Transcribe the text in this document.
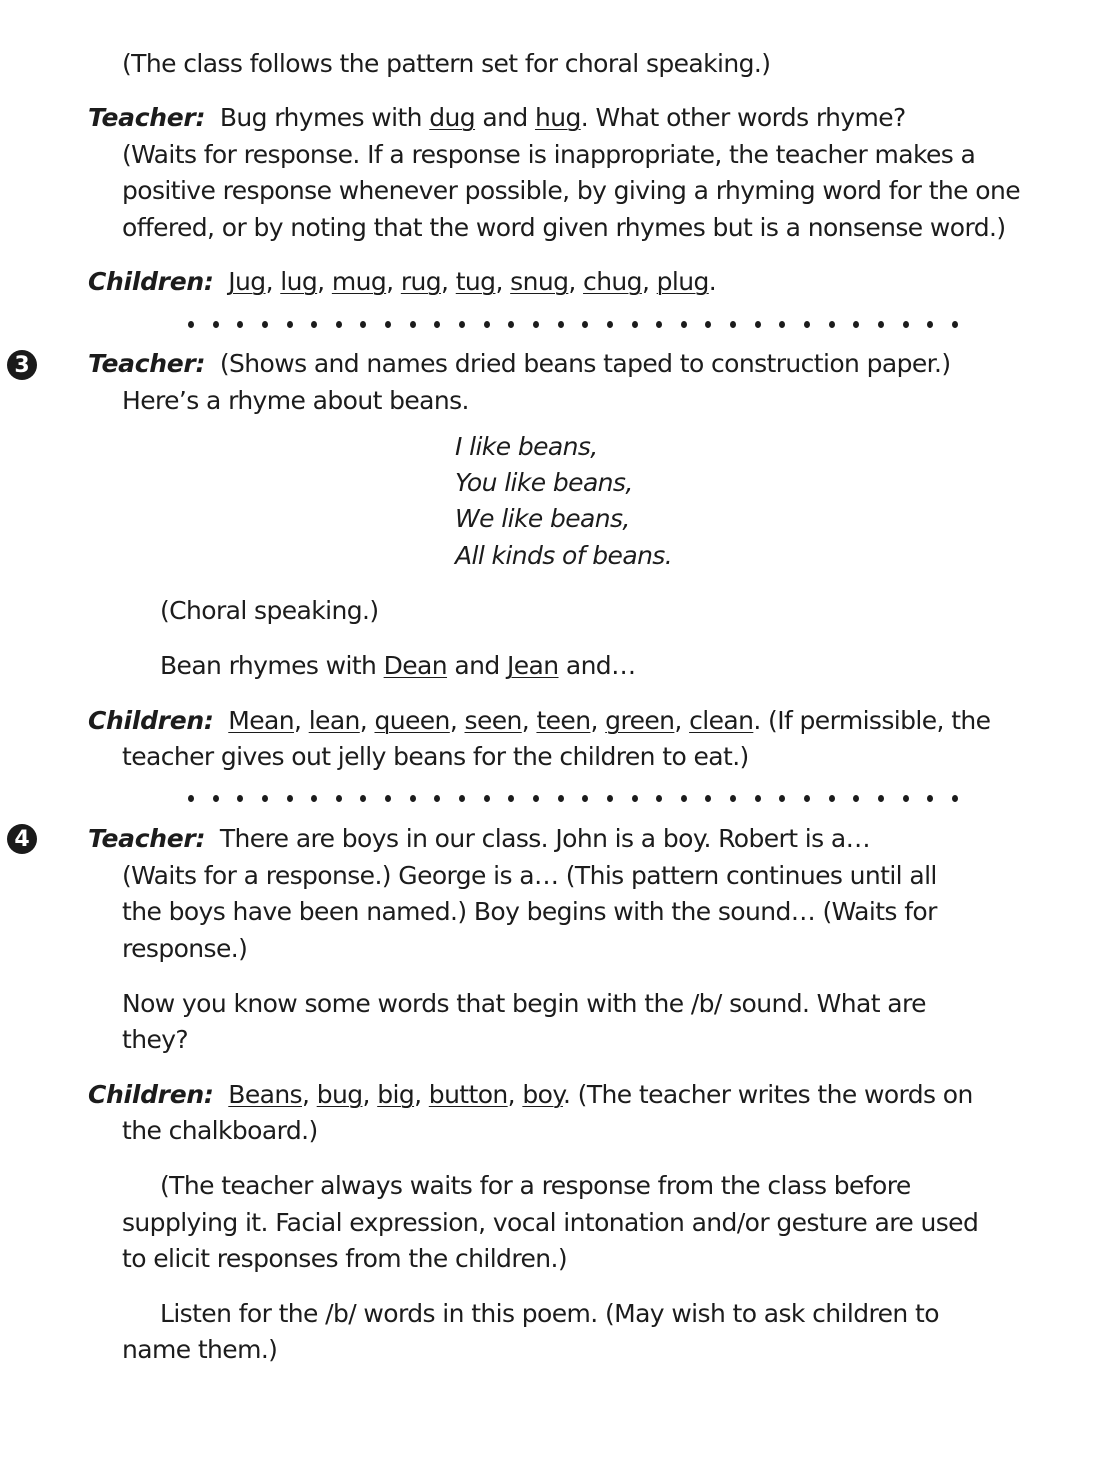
(The class follows the pattern set for choral speaking.)
Teacher: Bug rhymes with dug and hug. What other words rhyme?
(Waits for response. If a response is inappropriate, the teacher makes a
positive response whenever possible, by giving a rhyming word for the one
offered, or by noting that the word given rhymes but is a nonsense word.)
Children: Jug, lug, mug, rug, tug, snug, chug, plug.
3 Teacher: (Shows and names dried beans taped to construction paper.)
Here’s a rhyme about beans.
I like beans,
You like beans,
We like beans,
All kinds of beans.
(Choral speaking.)
Bean rhymes with Dean and Jean and…
Children: Mean, lean, queen, seen, teen, green, clean. (If permissible, the
teacher gives out jelly beans for the children to eat.)
4 Teacher: There are boys in our class. John is a boy. Robert is a…
(Waits for a response.) George is a… (This pattern continues until all
the boys have been named.) Boy begins with the sound… (Waits for
response.)
Now you know some words that begin with the /b/ sound. What are
they?
Children: Beans, bug, big, button, boy. (The teacher writes the words on
the chalkboard.)
(The teacher always waits for a response from the class before
supplying it. Facial expression, vocal intonation and/or gesture are used
to elicit responses from the children.)
Listen for the /b/ words in this poem. (May wish to ask children to
name them.)
